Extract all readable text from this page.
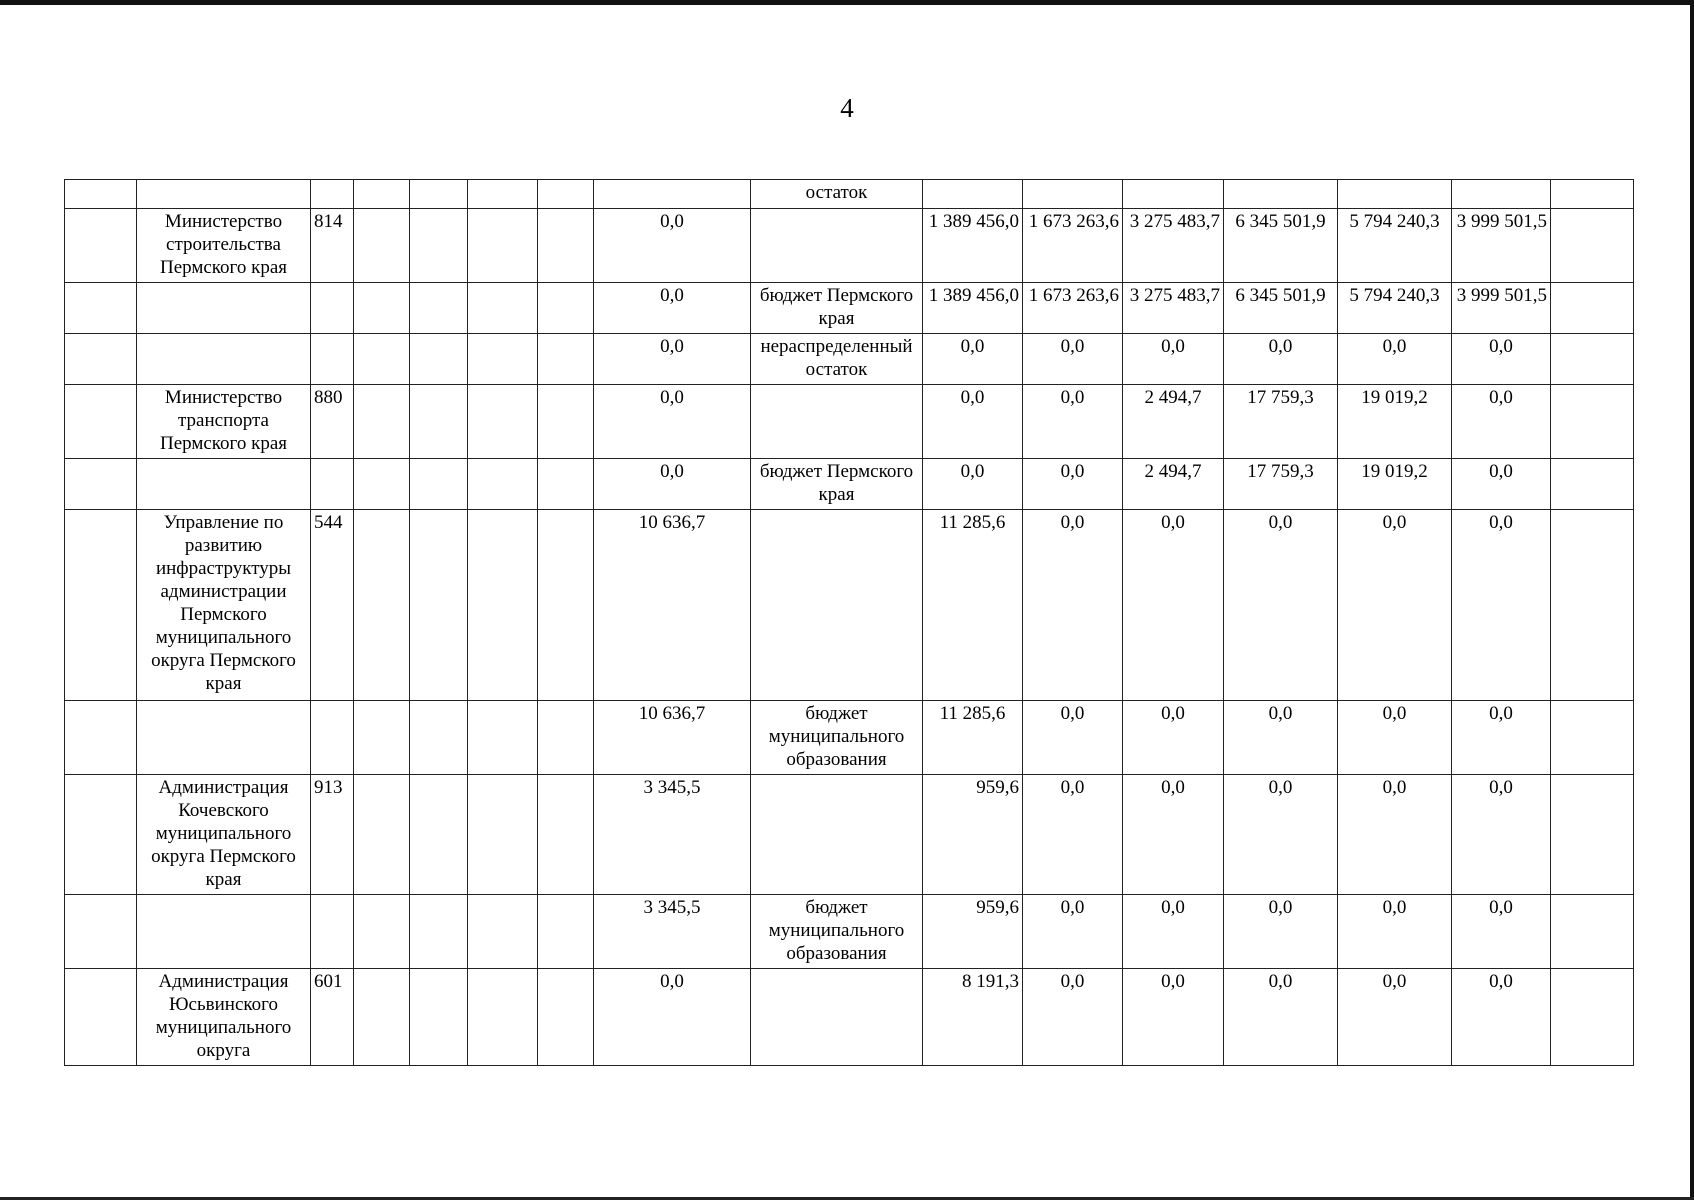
4
								остаток							
	Министерство строительства Пермского края	814					0,0		1 389 456,0	1 673 263,6	3 275 483,7	6 345 501,9	5 794 240,3	3 999 501,5	
							0,0	бюджет Пермского края	1 389 456,0	1 673 263,6	3 275 483,7	6 345 501,9	5 794 240,3	3 999 501,5	
							0,0	нераспределенный остаток	0,0	0,0	0,0	0,0	0,0	0,0	
	Министерство транспорта Пермского края	880					0,0		0,0	0,0	2 494,7	17 759,3	19 019,2	0,0	
							0,0	бюджет Пермского края	0,0	0,0	2 494,7	17 759,3	19 019,2	0,0	
	Управление по развитию инфраструктуры администрации Пермского муниципального округа Пермского края	544					10 636,7		11 285,6	0,0	0,0	0,0	0,0	0,0	
							10 636,7	бюджет муниципального образования	11 285,6	0,0	0,0	0,0	0,0	0,0	
	Администрация Кочевского муниципального округа Пермского края	913					3 345,5		959,6	0,0	0,0	0,0	0,0	0,0	
							3 345,5	бюджет муниципального образования	959,6	0,0	0,0	0,0	0,0	0,0	
	Администрация Юсьвинского муниципального округа	601					0,0		8 191,3	0,0	0,0	0,0	0,0	0,0	
